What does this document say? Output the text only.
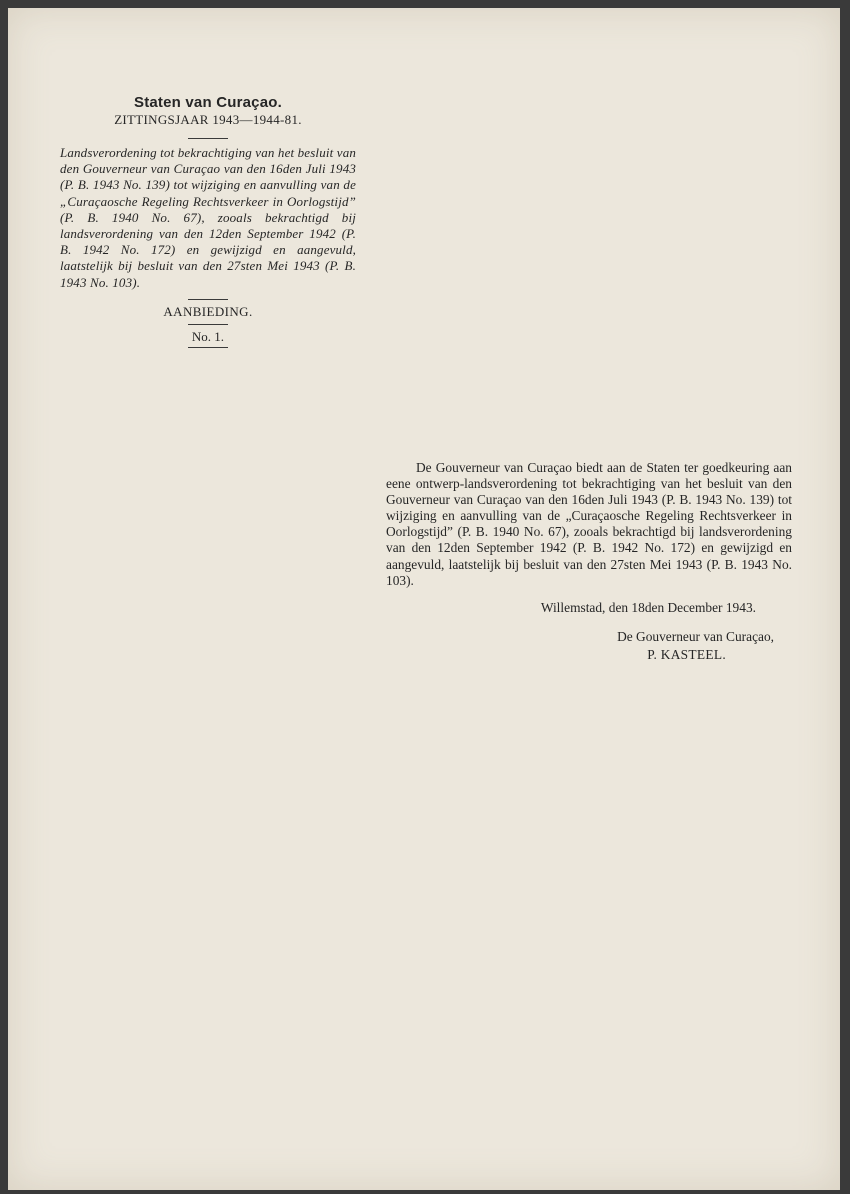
Staten van Curaçao.

ZITTINGSJAAR 1943—1944-81.

Landsverordening tot bekrachtiging van het besluit van den Gouverneur van Curaçao van den 16den Juli 1943 (P. B. 1943 No. 139) tot wijziging en aanvulling van de „Curaçaosche Regeling Rechtsverkeer in Oorlogstijd” (P. B. 1940 No. 67), zooals bekrachtigd bij landsverordening van den 12den September 1942 (P. B. 1942 No. 172) en gewijzigd en aangevuld, laatstelijk bij besluit van den 27sten Mei 1943 (P. B. 1943 No. 103).

AANBIEDING.

No. 1.

De Gouverneur van Curaçao biedt aan de Staten ter goedkeuring aan eene ontwerp-landsverordening tot bekrachtiging van het besluit van den Gouverneur van Curaçao van den 16den Juli 1943 (P. B. 1943 No. 139) tot wijziging en aanvulling van de „Curaçaosche Regeling Rechtsverkeer in Oorlogstijd” (P. B. 1940 No. 67), zooals bekrachtigd bij landsverordening van den 12den September 1942 (P. B. 1942 No. 172) en gewijzigd en aangevuld, laatstelijk bij besluit van den 27sten Mei 1943 (P. B. 1943 No. 103).

Willemstad, den 18den December 1943.

De Gouverneur van Curaçao,

P. KASTEEL.
